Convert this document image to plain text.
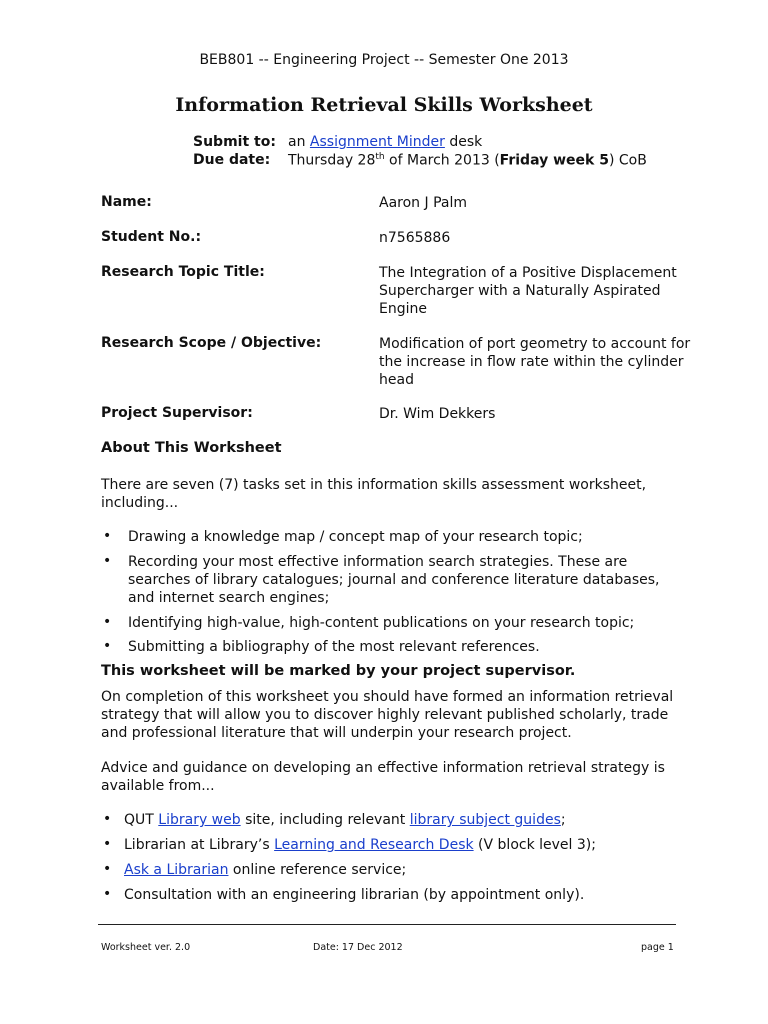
BEB801 -- Engineering Project -- Semester One 2013
Information Retrieval Skills Worksheet
Submit to: an Assignment Minder desk
Due date: Thursday 28th of March 2013 (Friday week 5) CoB
Name:	Aaron J Palm
Student No.:	n7565886
Research Topic Title:	The Integration of a Positive Displacement Supercharger with a Naturally Aspirated Engine
Research Scope / Objective:	Modification of port geometry to account for the increase in flow rate within the cylinder head
Project Supervisor:	Dr. Wim Dekkers
About This Worksheet
There are seven (7) tasks set in this information skills assessment worksheet, including...
• Drawing a knowledge map / concept map of your research topic;
• Recording your most effective information search strategies. These are searches of library catalogues; journal and conference literature databases, and internet search engines;
• Identifying high-value, high-content publications on your research topic;
• Submitting a bibliography of the most relevant references.
This worksheet will be marked by your project supervisor.
On completion of this worksheet you should have formed an information retrieval strategy that will allow you to discover highly relevant published scholarly, trade and professional literature that will underpin your research project.
Advice and guidance on developing an effective information retrieval strategy is available from...
• QUT Library web site, including relevant library subject guides;
• Librarian at Library’s Learning and Research Desk (V block level 3);
• Ask a Librarian online reference service;
• Consultation with an engineering librarian (by appointment only).
Worksheet ver. 2.0	Date: 17 Dec 2012	page 1
